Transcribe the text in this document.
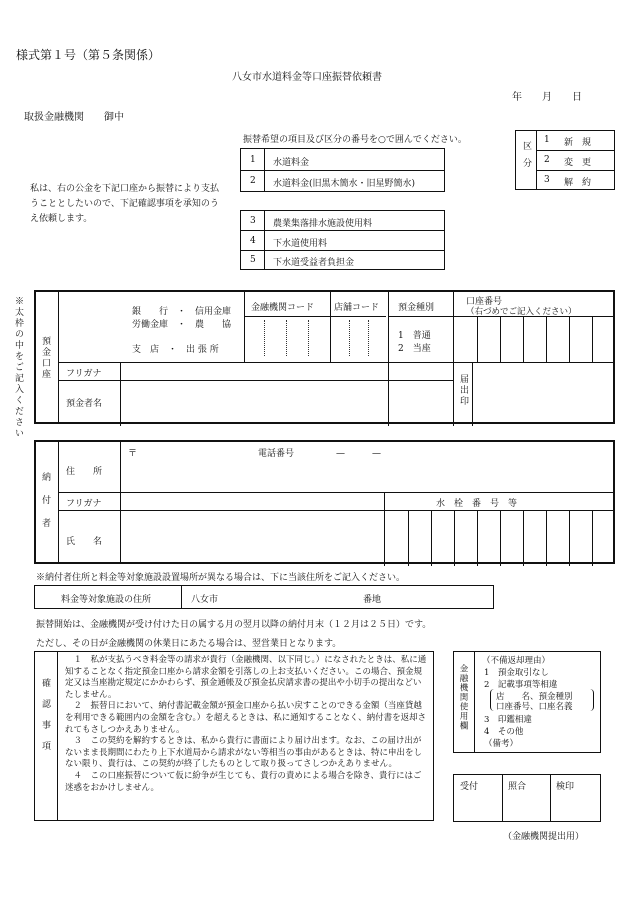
様式第１号（第５条関係）
八女市水道料金等口座振替依頼書
年　　月　　日
取扱金融機関　　御中
振替希望の項目及び区分の番号を○で囲んでください。
1 水道料金
2 水道料金(旧黒木簡水・旧星野簡水)
3 農業集落排水施設使用料
4 下水道使用料
5 下水道受益者負担金
区分
1 新　規
2 変　更
3 解　約
私は、右の公金を下記口座から振替により支払うこととしたいので、下記確認事項を承知のうえ依頼します。
※太枠の中をご記入ください 預金口座
銀　　行　・　信用金庫
労働金庫　・　農　　協
支　店　・　出 張 所
金融機関コード 店舗コード 預金種別
1　普通
2　当座
口座番号
（右づめでご記入ください）
フリガナ
預金者名	届出印
納付者 住　　所
〒	電話番号	—　　　—
フリガナ	水　栓　番　号　等
氏　　名
※納付者住所と料金等対象施設設置場所が異なる場合は、下に当該住所をご記入ください。
料金等対象施設の住所	八女市	番地
振替開始は、金融機関が受け付けた日の属する月の翌月以降の納付月末（１２月は２５日）です。
ただし、その日が金融機関の休業日にあたる場合は、翌営業日となります。
確認事項
１　私が支払うべき料金等の請求が貴行（金融機関、以下同じ。）になされたときは、私に通知することなく指定預金口座から請求金額を引落しの上お支払いください。この場合、預金規定又は当座勘定規定にかかわらず、預金通帳及び預金払戻請求書の提出や小切手の提出などいたしません。
２　振替日において、納付書記載金額が預金口座から払い戻すことのできる金額（当座貸越を利用できる範囲内の金額を含む。）を超えるときは、私に通知することなく、納付書を返却されてもさしつかえありません。
３　この契約を解約するときは、私から貴行に書面により届け出ます。なお、この届け出がないまま長期間にわたり上下水道局から請求がない等相当の事由があるときは、特に申出をしない限り、貴行は、この契約が終了したものとして取り扱ってさしつかえありません。
４　この口座振替について仮に紛争が生じても、貴行の責めによる場合を除き、貴行にはご迷惑をおかけしません。
金融機関使用欄
（不備返却理由）
1　預金取引なし
2　記載事項等相違
店　　名、預金種別
口座番号、口座名義
3　印鑑相違
4　その他
（備考）
受付	照合	検印
（金融機関提出用）
